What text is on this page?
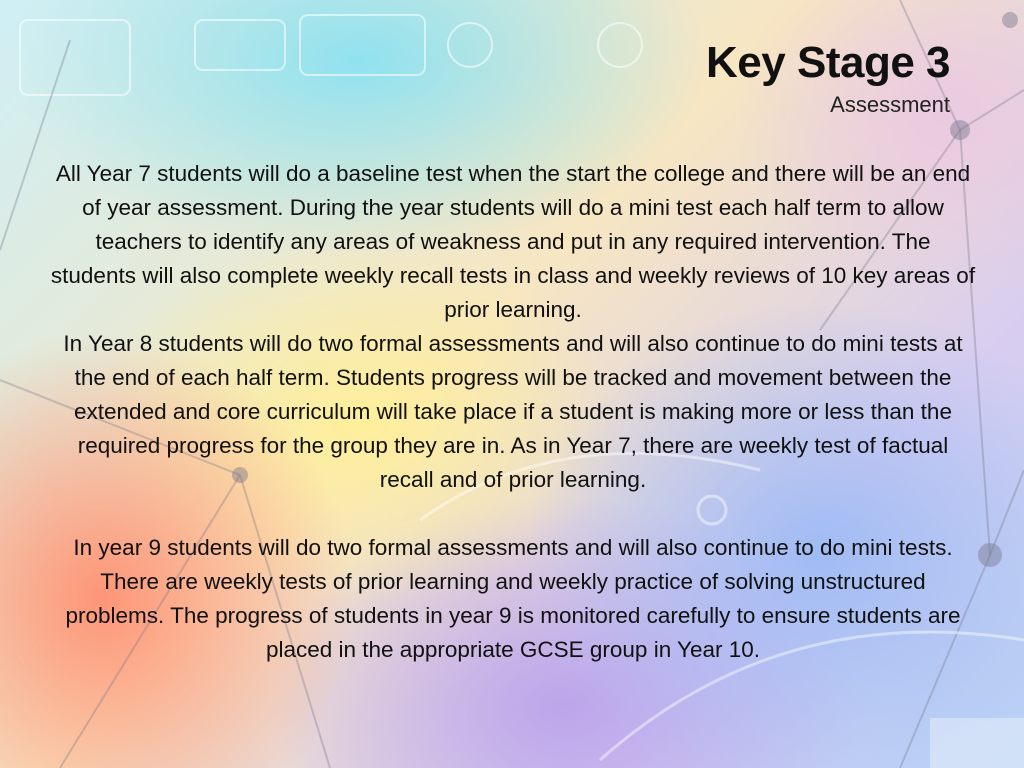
Key Stage 3
Assessment

All Year 7 students will do a baseline test when the start the college and there will be an end of year assessment. During the year students will do a mini test each half term to allow teachers to identify any areas of weakness and put in any required intervention. The students will also complete weekly recall tests in class and weekly reviews of 10 key areas of prior learning.

In Year 8 students will do two formal assessments and will also continue to do mini tests at the end of each half term. Students progress will be tracked and movement between the extended and core curriculum will take place if a student is making more or less than the required progress for the group they are in. As in Year 7, there are weekly test of factual recall and of prior learning.

In year 9 students will do two formal assessments and will also continue to do mini tests. There are weekly tests of prior learning and weekly practice of solving unstructured problems. The progress of students in year 9 is monitored carefully to ensure students are placed in the appropriate GCSE group in Year 10.
